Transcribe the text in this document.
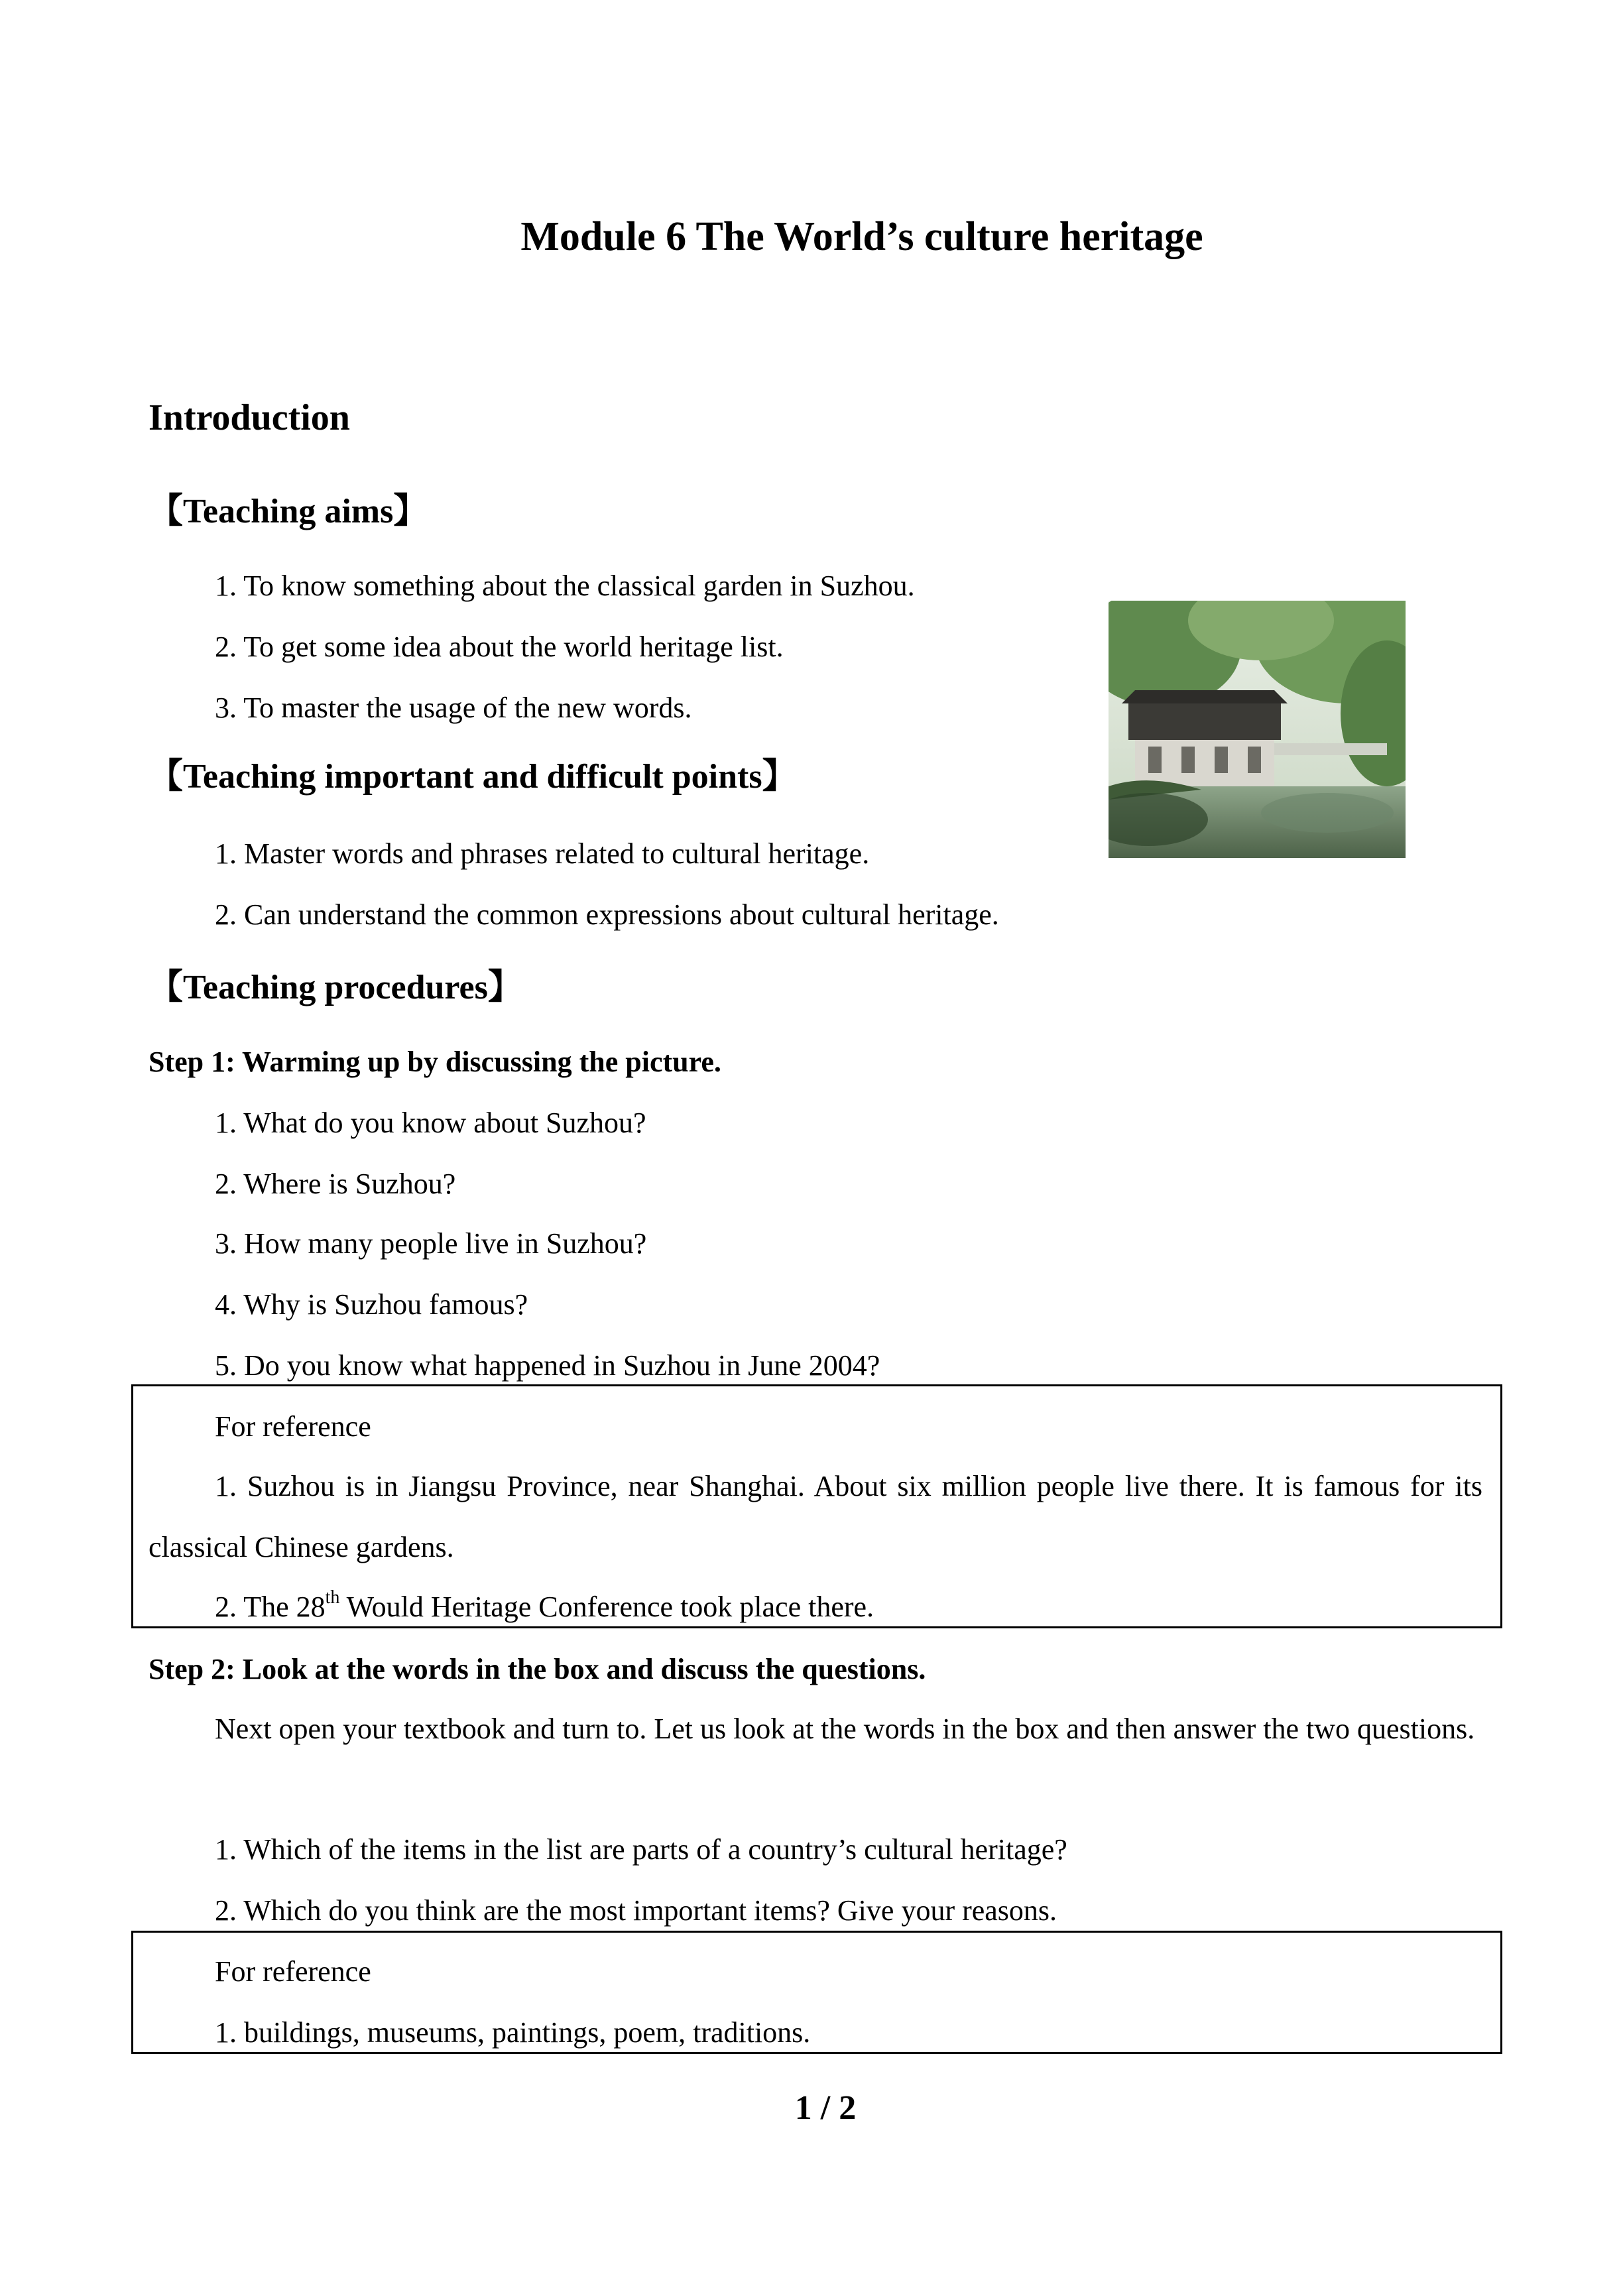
Module 6 The World’s culture heritage
Introduction
【Teaching aims】
1. To know something about the classical garden in Suzhou.
2. To get some idea about the world heritage list.
3. To master the usage of the new words.
【Teaching important and difficult points】
1. Master words and phrases related to cultural heritage.
2. Can understand the common expressions about cultural heritage.
【Teaching procedures】
Step 1: Warming up by discussing the picture.
1. What do you know about Suzhou?
2. Where is Suzhou?
3. How many people live in Suzhou?
4. Why is Suzhou famous?
5. Do you know what happened in Suzhou in June 2004?
For reference
1. Suzhou is in Jiangsu Province, near Shanghai. About six million people live there. It is famous for its classical Chinese gardens.
2. The 28th Would Heritage Conference took place there.
Step 2: Look at the words in the box and discuss the questions.
Next open your textbook and turn to. Let us look at the words in the box and then answer the two questions.
1. Which of the items in the list are parts of a country’s cultural heritage?
2. Which do you think are the most important items? Give your reasons.
For reference
1. buildings, museums, paintings, poem, traditions.
1 / 2
